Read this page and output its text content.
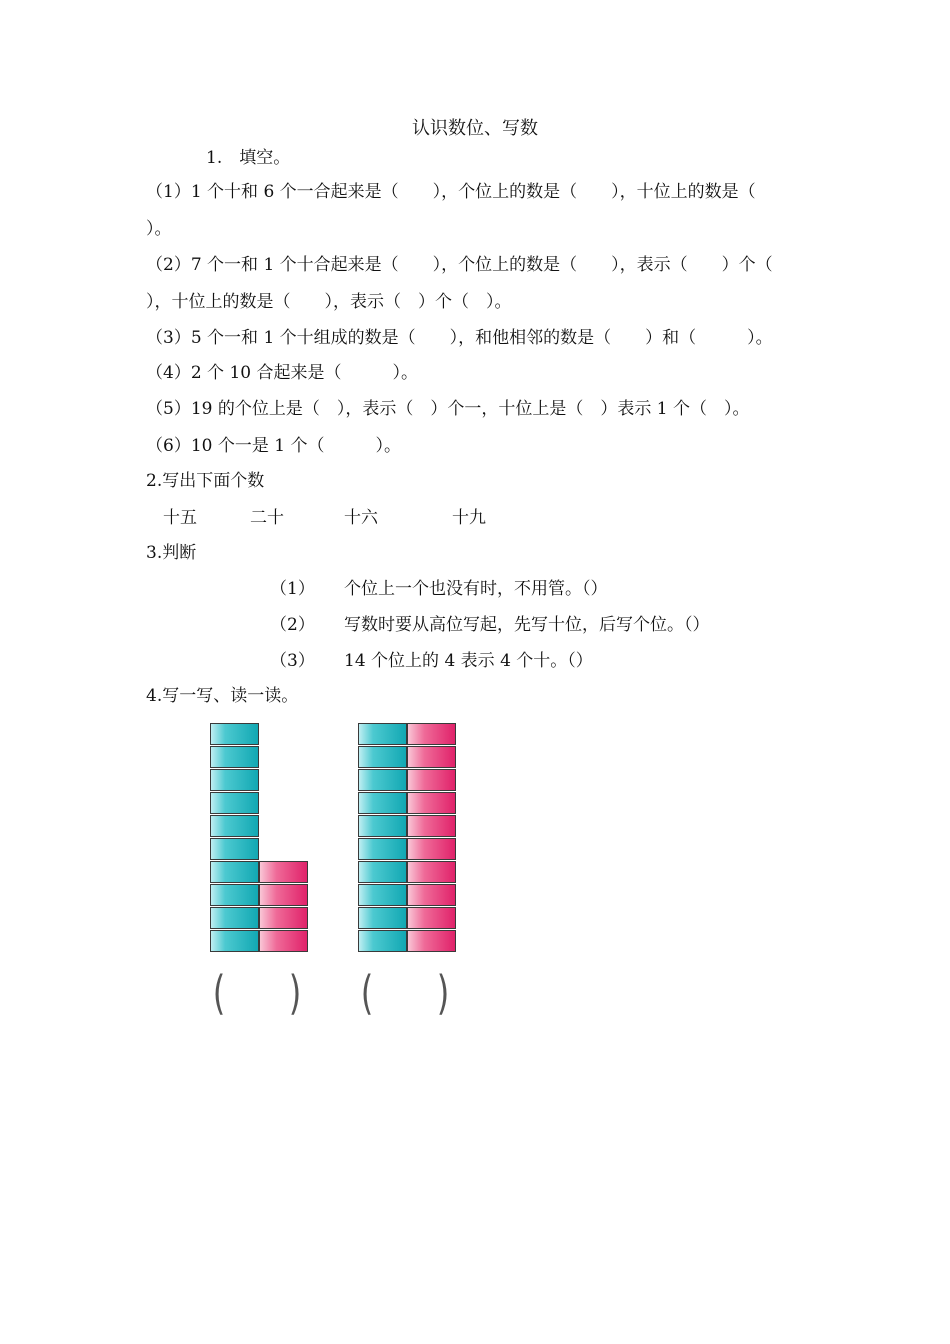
认识数位、写数
1.　填空。
（1）1 个十和 6 个一合起来是（　　），个位上的数是（　　），十位上的数是（
）。
（2）7 个一和 1 个十合起来是（　　），个位上的数是（　　），表示（　　）个（
），十位上的数是（　　），表示（　）个（　）。
（3）5 个一和 1 个十组成的数是（　　），和他相邻的数是（　　）和（　　　）。
（4）2 个 10 合起来是（　　　）。
（5）19 的个位上是（　），表示（　）个一，十位上是（　）表示 1 个（　）。
（6）10 个一是 1 个（　　　）。
2.写出下面个数
十五	二十	十六	十九
3.判断
（1） 个位上一个也没有时，不用管。（）
（2） 写数时要从高位写起，先写十位，后写个位。（）
（3） 14 个位上的 4 表示 4 个十。（）
4.写一写、读一读。
( ) ( )
